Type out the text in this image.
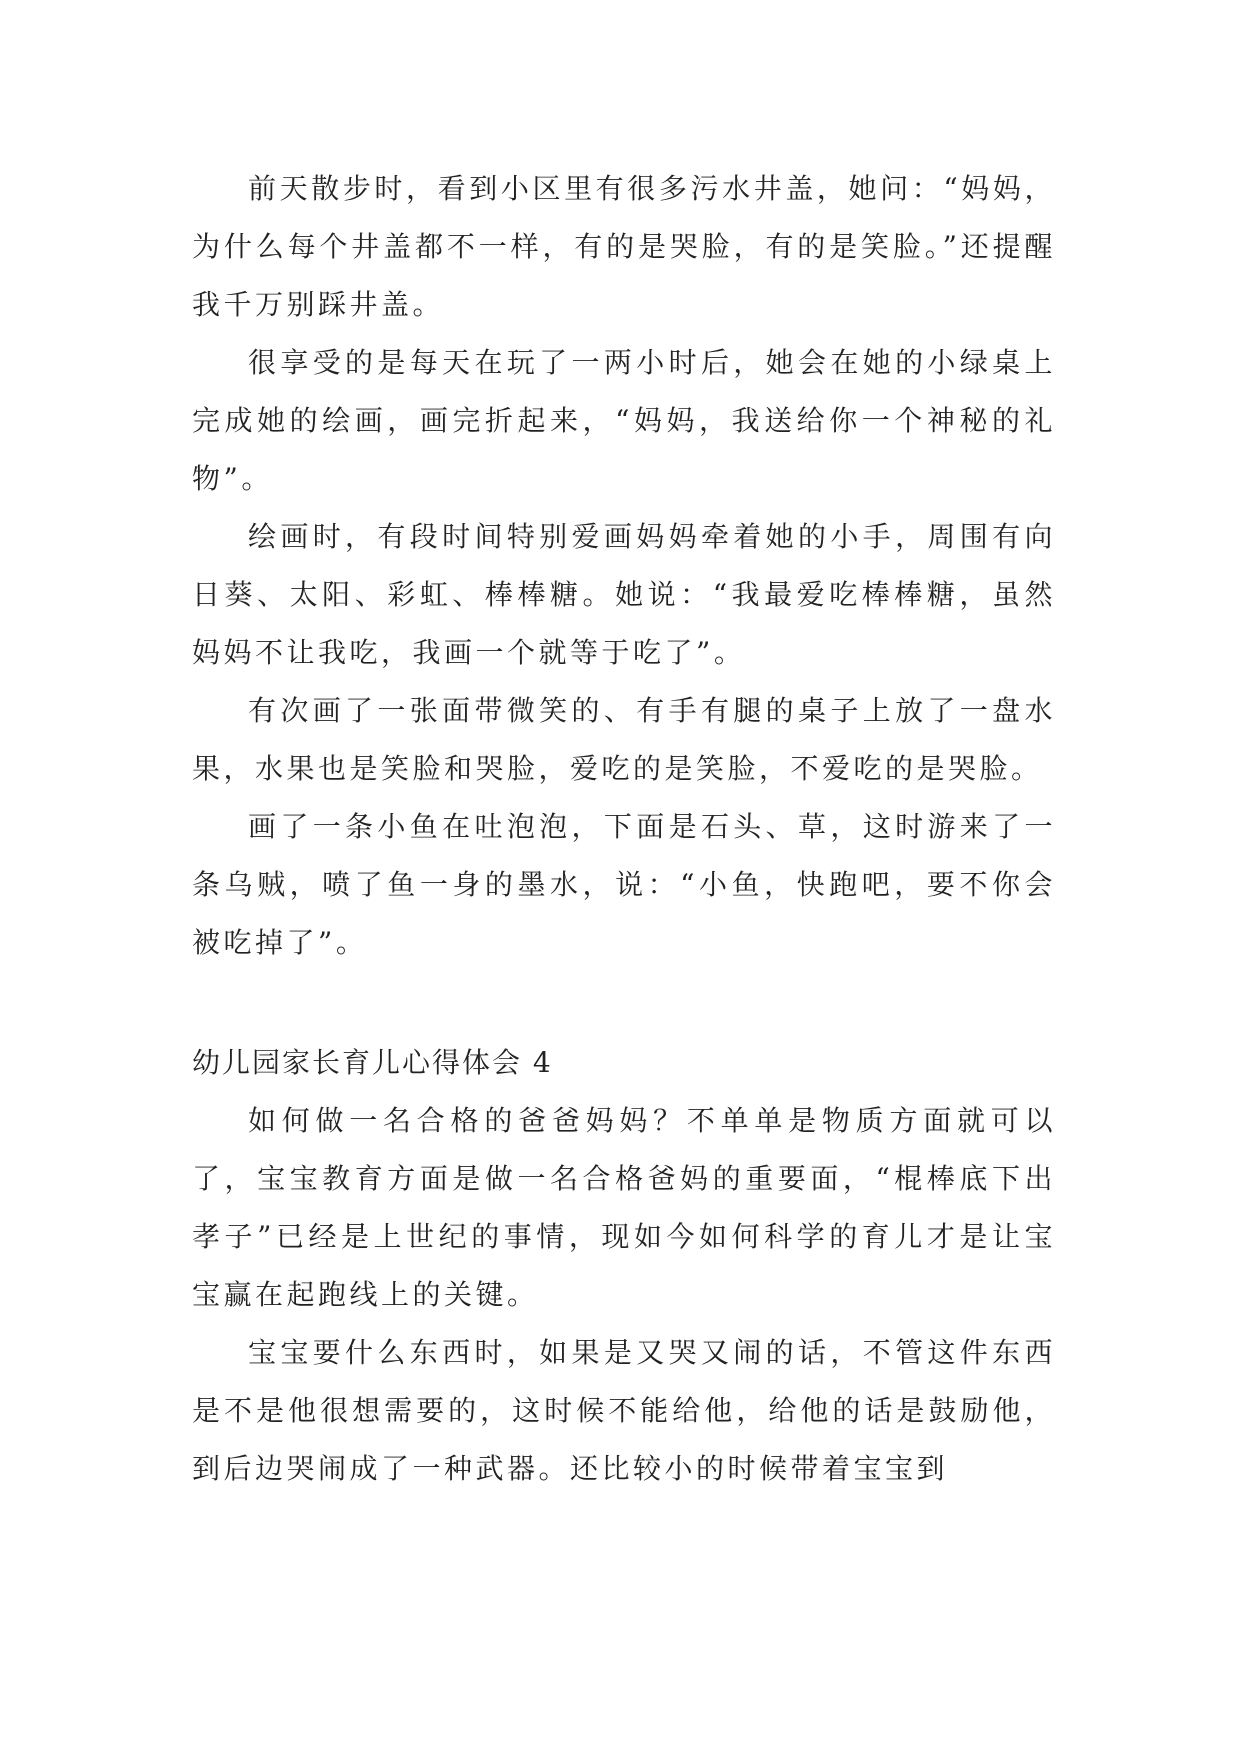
前天散步时，看到小区里有很多污水井盖，她问：“妈妈，为什么每个井盖都不一样，有的是哭脸，有的是笑脸。”还提醒我千万别踩井盖。

很享受的是每天在玩了一两小时后，她会在她的小绿桌上完成她的绘画，画完折起来，“妈妈，我送给你一个神秘的礼物”。

绘画时，有段时间特别爱画妈妈牵着她的小手，周围有向日葵、太阳、彩虹、棒棒糖。她说：“我最爱吃棒棒糖，虽然妈妈不让我吃，我画一个就等于吃了”。

有次画了一张面带微笑的、有手有腿的桌子上放了一盘水果，水果也是笑脸和哭脸，爱吃的是笑脸，不爱吃的是哭脸。

画了一条小鱼在吐泡泡，下面是石头、草，这时游来了一条乌贼，喷了鱼一身的墨水，说：“小鱼，快跑吧，要不你会被吃掉了”。

幼儿园家长育儿心得体会 4

如何做一名合格的爸爸妈妈？不单单是物质方面就可以了，宝宝教育方面是做一名合格爸妈的重要面，“棍棒底下出孝子”已经是上世纪的事情，现如今如何科学的育儿才是让宝宝赢在起跑线上的关键。

宝宝要什么东西时，如果是又哭又闹的话，不管这件东西是不是他很想需要的，这时候不能给他，给他的话是鼓励他，到后边哭闹成了一种武器。还比较小的时候带着宝宝到
